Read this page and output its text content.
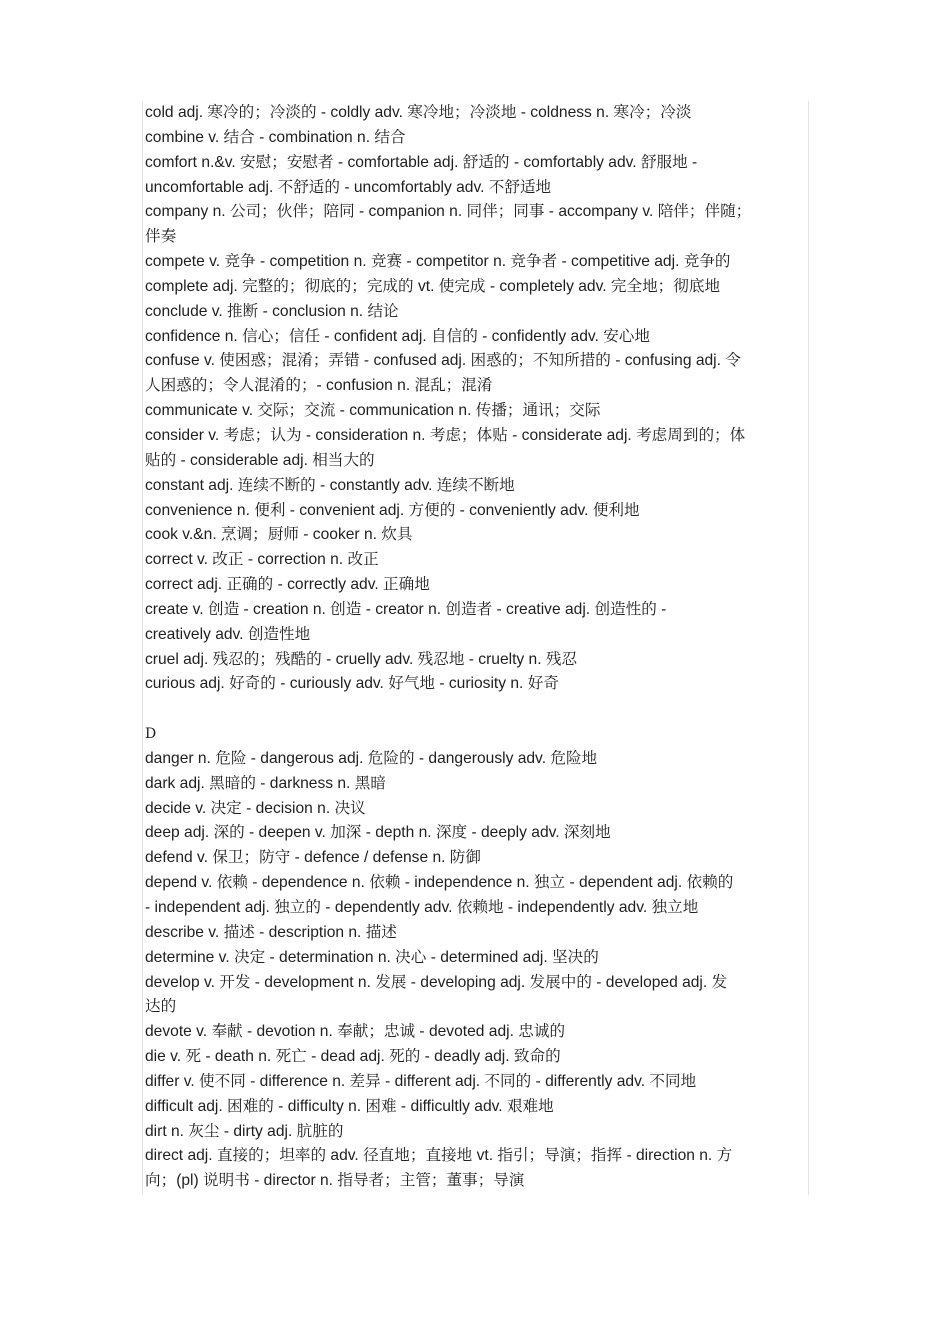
cold adj. 寒冷的；冷淡的 - coldly adv. 寒冷地；冷淡地 - coldness n. 寒冷；冷淡
combine v. 结合 - combination n. 结合
comfort n.&v. 安慰；安慰者 - comfortable adj. 舒适的 - comfortably adv. 舒服地 -
uncomfortable adj. 不舒适的 - uncomfortably adv. 不舒适地
company n. 公司；伙伴；陪同 - companion n. 同伴；同事 - accompany v. 陪伴；伴随；
伴奏
compete v. 竞争 - competition n. 竞赛 - competitor n. 竞争者 - competitive adj. 竞争的
complete adj. 完整的；彻底的；完成的 vt. 使完成 - completely adv. 完全地；彻底地
conclude v. 推断 - conclusion n. 结论
confidence n. 信心；信任 - confident adj. 自信的 - confidently adv. 安心地
confuse v. 使困惑；混淆；弄错 - confused adj. 困惑的；不知所措的 - confusing adj. 令
人困惑的；令人混淆的；- confusion n. 混乱；混淆
communicate v. 交际；交流 - communication n. 传播；通讯；交际
consider v. 考虑；认为 - consideration n. 考虑；体贴 - considerate adj. 考虑周到的；体
贴的 - considerable adj. 相当大的
constant adj. 连续不断的 - constantly adv. 连续不断地
convenience n. 便利 - convenient adj. 方便的 - conveniently adv. 便利地
cook v.&n. 烹调；厨师 - cooker n. 炊具
correct v. 改正 - correction n. 改正
correct adj. 正确的 - correctly adv. 正确地
create v. 创造 - creation n. 创造 - creator n. 创造者 - creative adj. 创造性的 -
creatively adv. 创造性地
cruel adj. 残忍的；残酷的 - cruelly adv. 残忍地 - cruelty n. 残忍
curious adj. 好奇的 - curiously adv. 好气地 - curiosity n. 好奇
D
danger n. 危险 - dangerous adj. 危险的 - dangerously adv. 危险地
dark adj. 黑暗的 - darkness n. 黑暗
decide v. 决定 - decision n. 决议
deep adj. 深的 - deepen v. 加深 - depth n. 深度 - deeply adv. 深刻地
defend v. 保卫；防守 - defence / defense n. 防御
depend v. 依赖 - dependence n. 依赖 - independence n. 独立 - dependent adj. 依赖的
- independent adj. 独立的 - dependently adv. 依赖地 - independently adv. 独立地
describe v. 描述 - description n. 描述
determine v. 决定 - determination n. 决心 - determined adj. 坚决的
develop v. 开发 - development n. 发展 - developing adj. 发展中的 - developed adj. 发
达的
devote v. 奉献 - devotion n. 奉献；忠诚 - devoted adj. 忠诚的
die v. 死 - death n. 死亡 - dead adj. 死的 - deadly adj. 致命的
differ v. 使不同 - difference n. 差异 - different adj. 不同的 - differently adv. 不同地
difficult adj. 困难的 - difficulty n. 困难 - difficultly adv. 艰难地
dirt n. 灰尘 - dirty adj. 肮脏的
direct adj. 直接的；坦率的 adv. 径直地；直接地 vt. 指引；导演；指挥 - direction n. 方
向；(pl) 说明书 - director n. 指导者；主管；董事；导演
